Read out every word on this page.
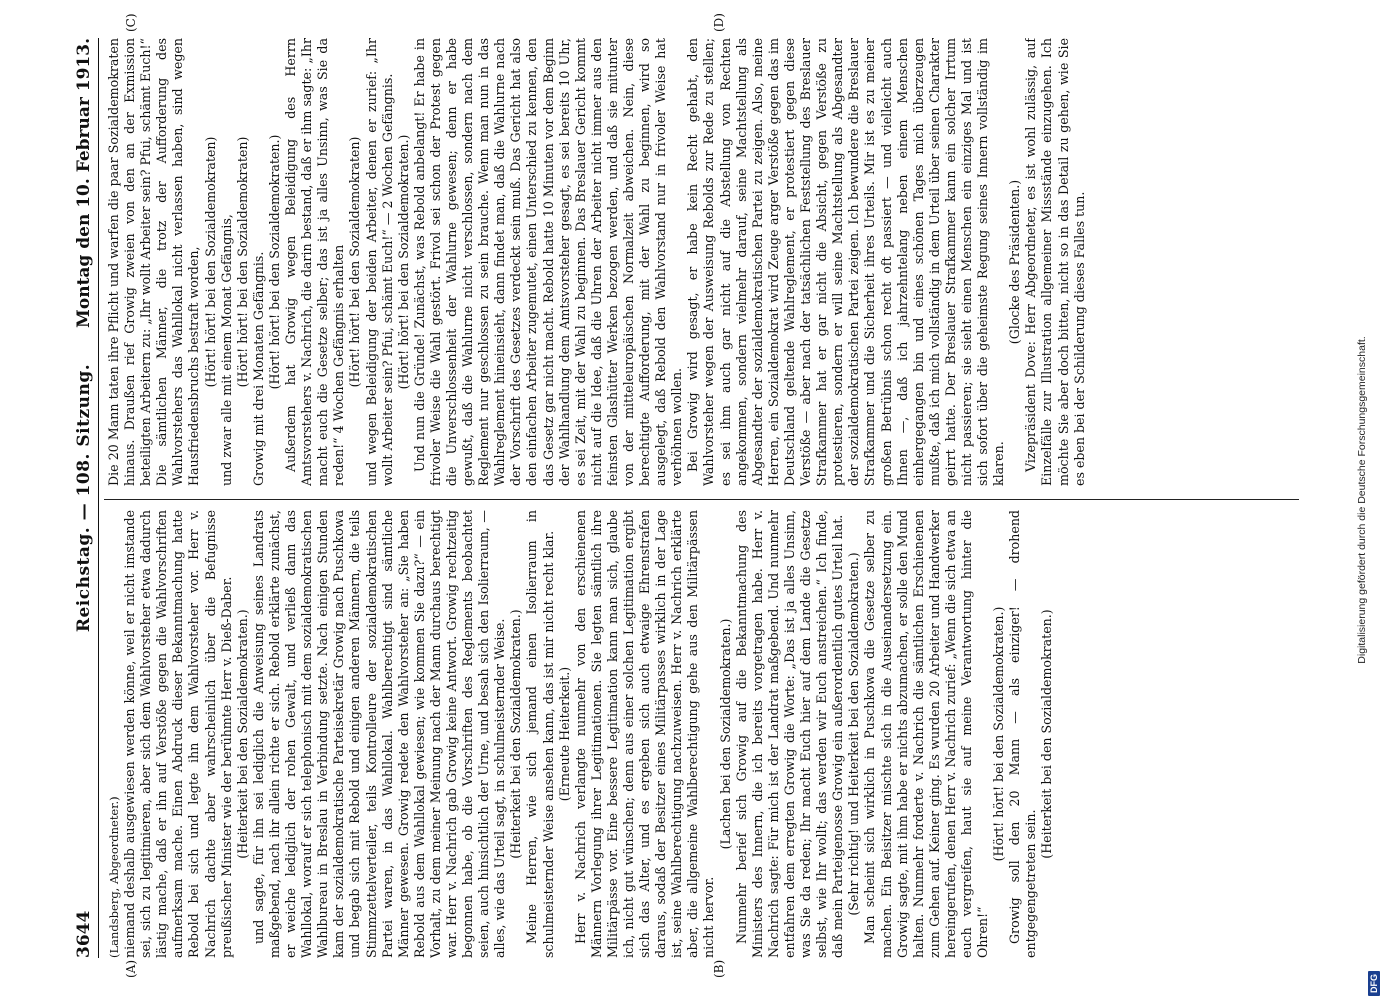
3644
Reichstag. — 108. Sitzung.
Montag den 10. Februar 1913.
(A)	(B)
(C)	(D)

(Landsberg, Abgeordneter.) niemand deshalb ausgewiesen werden könne, weil er nicht imstande sei, sich zu legitimieren, aber sich dem Wahlvorsteher etwa dadurch lästig mache, daß er ihn auf Verstöße gegen die Wahlvorschriften aufmerksam mache. Einen Abdruck dieser Bekanntmachung hatte Rebold bei sich und legte ihn dem Wahlvorsteher vor. Herr v. Nachrich dachte aber wahrscheinlich über die Befugnisse preußischer Minister wie der berühmte Herr v. Dieß-Daber. (Heiterkeit bei den Sozialdemokraten.) und sagte, für ihn sei lediglich die Anweisung seines Landrats maßgebend, nach ihr allein richte er sich. Rebold erklärte zunächst, er weiche lediglich der rohen Gewalt, und verließ dann das Wahllokal, worauf er sich telephonisch mit dem sozialdemokratischen Wahlbureau in Breslau in Verbindung setzte. Nach einigen Stunden kam der sozialdemokratische Parteisekretär Growig nach Puschkowa und begab sich mit Rebold und einigen anderen Männern, die teils Stimmzettelverteiler, teils Kontrolleure der sozialdemokratischen Partei waren, in das Wahllokal. Wahlberechtigt sind sämtliche Männer gewesen. Growig redete den Wahlvorsteher an: „Sie haben Rebold aus dem Wahllokal gewiesen; wie kommen Sie dazu?“ — ein Vorhalt, zu dem meiner Meinung nach der Mann durchaus berechtigt war. Herr v. Nachrich gab Growig keine Antwort. Growig rechtzeitig begonnen habe, ob die Vorschriften des Reglements beobachtet seien, auch hinsichtlich der Urne, und besah sich den Isolierraum, — alles, wie das Urteil sagt, in schulmeisternder Weise. (Heiterkeit bei den Sozialdemokraten.) Meine Herren, wie sich jemand einen Isolierraum in schulmeisternder Weise ansehen kann, das ist mir nicht recht klar. (Erneute Heiterkeit.) Herr v. Nachrich verlangte nunmehr von den erschienenen Männern Vorlegung ihrer Legitimationen. Sie legten sämtlich ihre Militärpässe vor. Eine bessere Legitimation kann man sich, glaube ich, nicht gut wünschen; denn aus einer solchen Legitimation ergibt sich das Alter, und es ergeben sich auch etwaige Ehrenstrafen daraus, sodaß der Besitzer eines Militärpasses wirklich in der Lage ist, seine Wahlberechtigung nachzuweisen. Herr v. Nachrich erklärte aber, die allgemeine Wahlberechtigung gehe aus den Militärpässen nicht hervor.

(Lachen bei den Sozialdemokraten.) Nunmehr berief sich Growig auf die Bekanntmachung des Ministers des Innern, die ich bereits vorgetragen habe. Herr v. Nachrich sagte: Für mich ist der Landrat maßgebend. Und nunmehr entfahren dem erregten Growig die Worte: „Das ist ja alles Unsinn, was Sie da reden; Ihr macht Euch hier auf dem Lande die Gesetze selbst, wie Ihr wollt; das werden wir Euch anstreichen.“ Ich finde, daß mein Parteigenosse Growig ein außerordentlich gutes Urteil hat. (Sehr richtig! und Heiterkeit bei den Sozialdemokraten.) Man scheint sich wirklich in Puschkowa die Gesetze selber zu machen. Ein Beisitzer mischte sich in die Auseinandersetzung ein. Growig sagte, mit ihm habe er nichts abzumachen, er solle den Mund halten. Nunmehr forderte v. Nachrich die sämtlichen Erschienenen zum Gehen auf. Keiner ging. Es wurden 20 Arbeiter und Handwerker hereingerufen, denen Herr v. Nachrich zurief: „Wenn die sich etwa an euch vergreifen, haut sie auf meine Verantwortung hinter die Ohren!“

(Hört! hört! bei den Sozialdemokraten.) Growig soll den 20 Mann — als einziger! — drohend entgegengetreten sein.

(Heiterkeit bei den Sozialdemokraten.)

Die 20 Mann taten ihre Pflicht und warfen die paar Sozialdemokraten hinaus. Draußen rief Growig zweien von den an der Exmission beteiligten Arbeitern zu: „Ihr wollt Arbeiter sein? Pfui, schämt Euch!“ Die sämtlichen Männer, die trotz der Aufforderung des Wahlvorstehers das Wahllokal nicht verlassen haben, sind wegen Hausfriedensbruchs bestraft worden, (Hört! hört! bei den Sozialdemokraten) und zwar alle mit einem Monat Gefängnis, (Hört! hört! bei den Sozialdemokraten) Growig mit drei Monaten Gefängnis. (Hört! hört! bei den Sozialdemokraten.) Außerdem hat Growig wegen Beleidigung des Herrn Amtsvorstehers v. Nachrich, die darin bestand, daß er ihm sagte: „Ihr macht euch die Gesetze selber; das ist ja alles Unsinn, was Sie da reden!“ 4 Wochen Gefängnis erhalten (Hört! hört! bei den Sozialdemokraten) und wegen Beleidigung der beiden Arbeiter, denen er zurief: „Ihr wollt Arbeiter sein? Pfui, schämt Euch!“ — 2 Wochen Gefängnis. (Hört! hört! bei den Sozialdemokraten.) Und nun die Gründe! Zunächst, was Rebold anbelangt! Er habe in frivoler Weise die Wahl gestört. Frivol sei schon der Protest gegen die Unverschlossenheit der Wahlurne gewesen; denn er habe gewußt, daß die Wahlurne nicht verschlossen, sondern nach dem Reglement nur geschlossen zu sein brauche. Wenn man nun in das Wahlreglement hineinsieht, dann findet man, daß die Wahlurne nach der Vorschrift des Gesetzes verdeckt sein muß. Das Gericht hat also den einfachen Arbeiter zugemutet, einen Unterschied zu kennen, den das Gesetz gar nicht macht. Rebold hatte 10 Minuten vor dem Beginn der Wahlhandlung dem Amtsvorsteher gesagt, es sei bereits 10 Uhr, es sei Zeit, mit der Wahl zu beginnen. Das Breslauer Gericht kommt nicht auf die Idee, daß die Uhren der Arbeiter nicht immer aus den feinsten Glashütter Werken bezogen werden, und daß sie mitunter von der mitteleuropäischen Normalzeit abweichen. Nein, diese berechtigte Aufforderung, mit der Wahl zu beginnen, wird so ausgelegt, daß Rebold den Wahlvorstand nur in frivoler Weise hat verhöhnen wollen. Bei Growig wird gesagt, er habe kein Recht gehabt, den Wahlvorsteher wegen der Ausweisung Rebolds zur Rede zu stellen; es sei ihm auch gar nicht auf die Abstellung von Rechten angekommen, sondern vielmehr darauf, seine Machtstellung als Abgesandter der sozialdemokratischen Partei zu zeigen. Also, meine Herren, ein Sozialdemokrat wird Zeuge arger Verstöße gegen das im Deutschland geltende Wahlreglement, er protestiert gegen diese Verstöße — aber nach der tatsächlichen Feststellung des Breslauer Strafkammer hat er gar nicht die Absicht, gegen Verstöße zu protestieren, sondern er will seine Machtstellung als Abgesandter der sozialdemokratischen Partei zeigen. Ich bewundere die Breslauer Strafkammer und die Sicherheit ihres Urteils. Mir ist es zu meiner großen Betrübnis schon recht oft passiert — und vielleicht auch Ihnen —, daß ich jahrzehntelang neben einem Menschen einhergegangen bin und eines schönen Tages mich überzeugen mußte, daß ich mich vollständig in dem Urteil über seinen Charakter geirrt hatte. Der Breslauer Strafkammer kann ein solcher Irrtum nicht passieren; sie sieht einen Menschen ein einziges Mal und ist sich sofort über die geheimste Regung seines Innern vollständig im klaren.

(Glocke des Präsidenten.) Vizepräsident Dove: Herr Abgeordneter, es ist wohl zulässig, auf Einzelfälle zur Illustration allgemeiner Missstände einzugehen. Ich möchte Sie aber doch bitten, nicht so in das Detail zu gehen, wie Sie es eben bei der Schilderung dieses Falles tun.	Digitalisierung gefördert durch die Deutsche Forschungsgemeinschaft.
DFG
